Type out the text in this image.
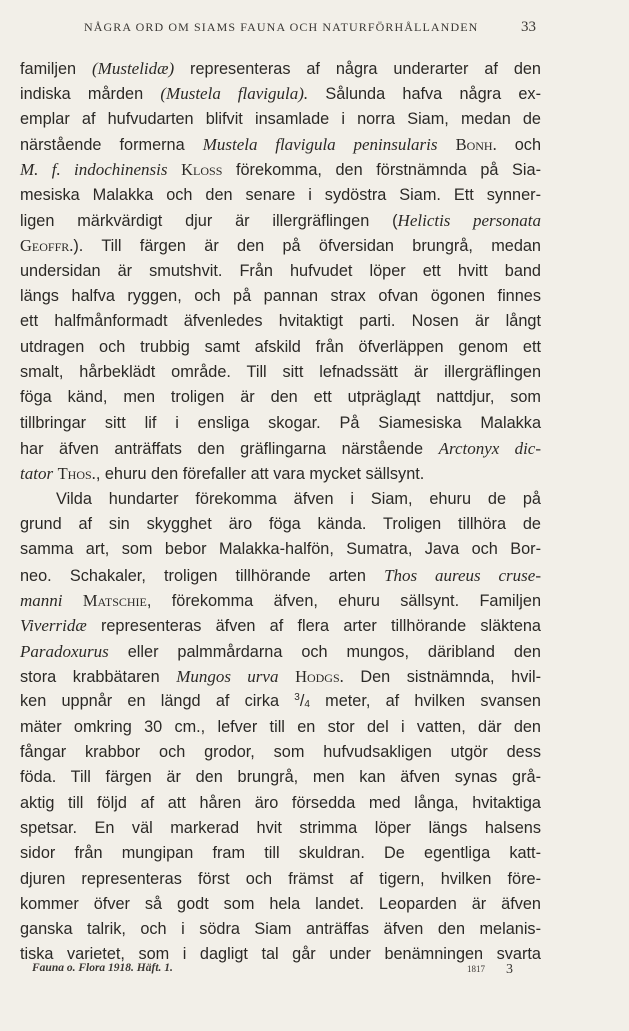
NÅGRA ORD OM SIAMS FAUNA OCH NATURFÖRHÅLLANDEN	33
familjen (Mustelidæ) representeras af några underarter af den
indiska mården (Mustela flavigula). Sålunda hafva några ex-
emplar af hufvudarten blifvit insamlade i norra Siam, medan de
närstående formerna Mustela flavigula peninsularis Bonh. och
M. f. indochinensis Kloss förekomma, den förstnämnda på Sia-
mesiska Malakka och den senare i sydöstra Siam. Ett synner-
ligen märkvärdigt djur är illergräflingen (Helictis personata
Geoffr.). Till färgen är den på öfversidan brungrå, medan
undersidan är smutshvit. Från hufvudet löper ett hvitt band
längs halfva ryggen, och på pannan strax ofvan ögonen finnes
ett halfmånformadt äfvenledes hvitaktigt parti. Nosen är långt
utdragen och trubbig samt afskild från öfverläppen genom ett
smalt, hårbeklädt område. Till sitt lefnadssätt är illergräflingen
föga känd, men troligen är den ett utpräglадt nattdjur, som
tillbringar sitt lif i ensliga skogar. På Siamesiska Malakka
har äfven anträffats den gräflingarna närstående Arctonyx dic-
tator Thos., ehuru den förefaller att vara mycket sällsynt.
Vilda hundarter förekomma äfven i Siam, ehuru de på
grund af sin skygghet äro föga kända. Troligen tillhöra de
samma art, som bebor Malakka-halfön, Sumatra, Java och Bor-
neo. Schakaler, troligen tillhörande arten Thos aureus cruse-
manni Matschie, förekomma äfven, ehuru sällsynt. Familjen
Viverridæ representeras äfven af flera arter tillhörande släktena
Paradoxurus eller palmmårdarna och mungos, däribland den
stora krabbätaren Mungos urva Hodgs. Den sistnämnda, hvil-
ken uppnår en längd af cirka $^3/_4$ meter, af hvilken svansen
mäter omkring 30 cm., lefver till en stor del i vatten, där den
fångar krabbor och grodor, som hufvudsakligen utgör dess
föda. Till färgen är den brungrå, men kan äfven synas grå-
aktig till följd af att håren äro försedda med långa, hvitaktiga
spetsar. En väl markerad hvit strimma löper längs halsens
sidor från mungipan fram till skuldran. De egentliga katt-
djuren representeras först och främst af tigern, hvilken före-
kommer öfver så godt som hela landet. Leoparden är äfven
ganska talrik, och i södra Siam anträffas äfven den melanis-
tiska varietet, som i dagligt tal går under benämningen svarta
Fauna o. Flora 1918. Häft. 1.	1817 3
